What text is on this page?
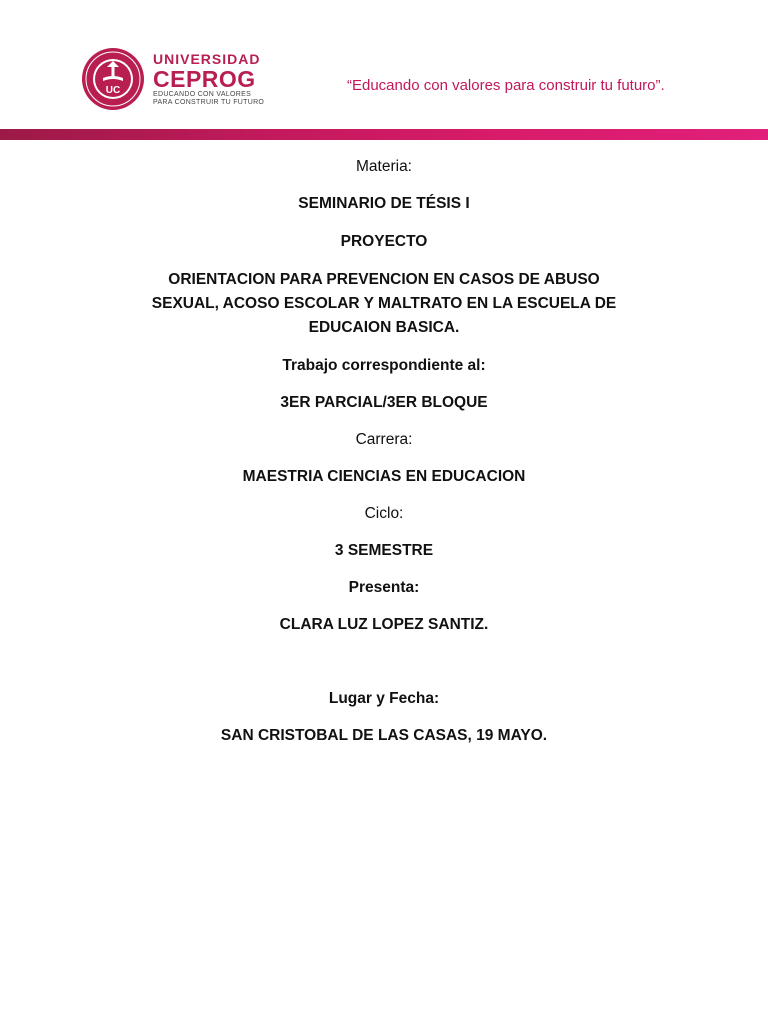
UC
UNIVERSIDAD
CEPROG
EDUCANDO CON VALORES
PARA CONSTRUIR TU FUTURO
“Educando con valores para construir tu futuro”.
Materia:
SEMINARIO DE TÉSIS I
PROYECTO
ORIENTACION PARA PREVENCION EN CASOS DE ABUSO
SEXUAL, ACOSO ESCOLAR Y MALTRATO EN LA ESCUELA DE
EDUCAION BASICA.
Trabajo correspondiente al:
3ER PARCIAL/3ER BLOQUE
Carrera:
MAESTRIA CIENCIAS EN EDUCACION
Ciclo:
3 SEMESTRE
Presenta:
CLARA LUZ LOPEZ SANTIZ.
Lugar y Fecha:
SAN CRISTOBAL DE LAS CASAS, 19 MAYO.
